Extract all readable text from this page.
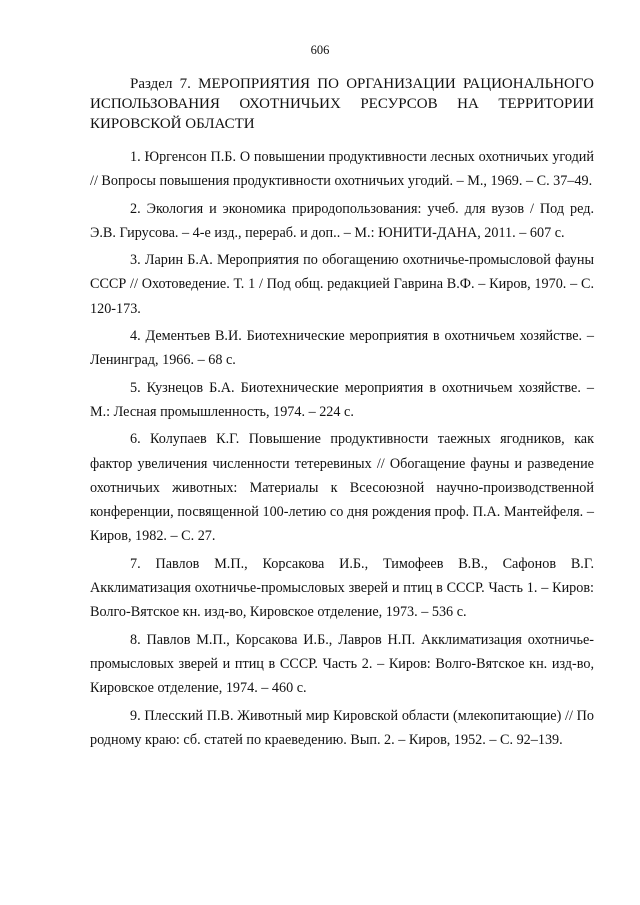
606
Раздел 7. МЕРОПРИЯТИЯ ПО ОРГАНИЗАЦИИ РАЦИОНАЛЬНОГО
ИСПОЛЬЗОВАНИЯ ОХОТНИЧЬИХ РЕСУРСОВ НА ТЕРРИТОРИИ
КИРОВСКОЙ ОБЛАСТИ

1. Юргенсон П.Б. О повышении продуктивности лесных охотничьих угодий // Вопросы повышения продуктивности охотничьих угодий. – М., 1969. – С. 37–49.

2. Экология и экономика природопользования: учеб. для вузов / Под ред. Э.В. Гирусова. – 4-е изд., перераб. и доп.. – М.: ЮНИТИ-ДАНА, 2011. – 607 с.

3. Ларин Б.А. Мероприятия по обогащению охотничье-промысловой фауны СССР // Охотоведение. Т. 1 / Под общ. редакцией Гаврина В.Ф. – Киров, 1970. – С. 120-173.

4. Дементьев В.И. Биотехнические мероприятия в охотничьем хозяйстве. – Ленинград, 1966. – 68 с.

5. Кузнецов Б.А. Биотехнические мероприятия в охотничьем хозяйстве. – М.: Лесная промышленность, 1974. – 224 с.

6. Колупаев К.Г. Повышение продуктивности таежных ягодников, как фактор увеличения численности тетеревиных // Обогащение фауны и разведение охотничьих животных: Материалы к Всесоюзной научно-производственной конференции, посвященной 100-летию со дня рождения проф. П.А. Мантейфеля. – Киров, 1982. – С. 27.

7. Павлов М.П., Корсакова И.Б., Тимофеев В.В., Сафонов В.Г. Акклиматизация охотничье-промысловых зверей и птиц в СССР. Часть 1. – Киров: Волго-Вятское кн. изд-во, Кировское отделение, 1973. – 536 с.

8. Павлов М.П., Корсакова И.Б., Лавров Н.П. Акклиматизация охотничье-промысловых зверей и птиц в СССР. Часть 2. – Киров: Волго-Вятское кн. изд-во, Кировское отделение, 1974. – 460 с.

9. Плесский П.В. Животный мир Кировской области (млекопитающие) // По родному краю: сб. статей по краеведению. Вып. 2. – Киров, 1952. – С. 92–139.
